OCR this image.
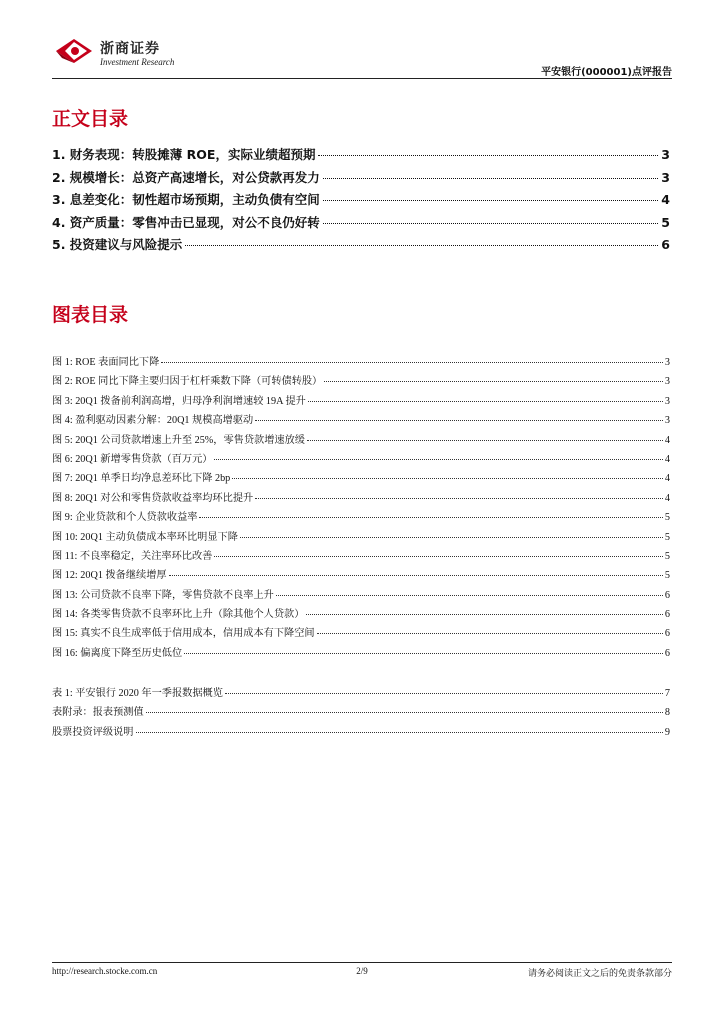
浙商证券
Investment Research
平安银行(000001)点评报告
正文目录
1. 财务表现：转股摊薄 ROE，实际业绩超预期	3
2. 规模增长：总资产高速增长，对公贷款再发力	3
3. 息差变化：韧性超市场预期，主动负债有空间	4
4. 资产质量：零售冲击已显现，对公不良仍好转	5
5. 投资建议与风险提示	6
图表目录
图 1: ROE 表面同比下降	3
图 2: ROE 同比下降主要归因于杠杆乘数下降（可转债转股）	3
图 3: 20Q1 拨备前利润高增，归母净利润增速较 19A 提升	3
图 4: 盈利驱动因素分解：20Q1 规模高增驱动	3
图 5: 20Q1 公司贷款增速上升至 25%，零售贷款增速放缓	4
图 6: 20Q1 新增零售贷款（百万元）	4
图 7: 20Q1 单季日均净息差环比下降 2bp	4
图 8: 20Q1 对公和零售贷款收益率均环比提升	4
图 9: 企业贷款和个人贷款收益率	5
图 10: 20Q1 主动负债成本率环比明显下降	5
图 11: 不良率稳定，关注率环比改善	5
图 12: 20Q1 拨备继续增厚	5
图 13: 公司贷款不良率下降，零售贷款不良率上升	6
图 14: 各类零售贷款不良率环比上升（除其他个人贷款）	6
图 15: 真实不良生成率低于信用成本，信用成本有下降空间	6
图 16: 偏离度下降至历史低位	6
表 1: 平安银行 2020 年一季报数据概览	7
表附录：报表预测值	8
股票投资评级说明	9
http://research.stocke.com.cn	2/9	请务必阅读正文之后的免责条款部分
